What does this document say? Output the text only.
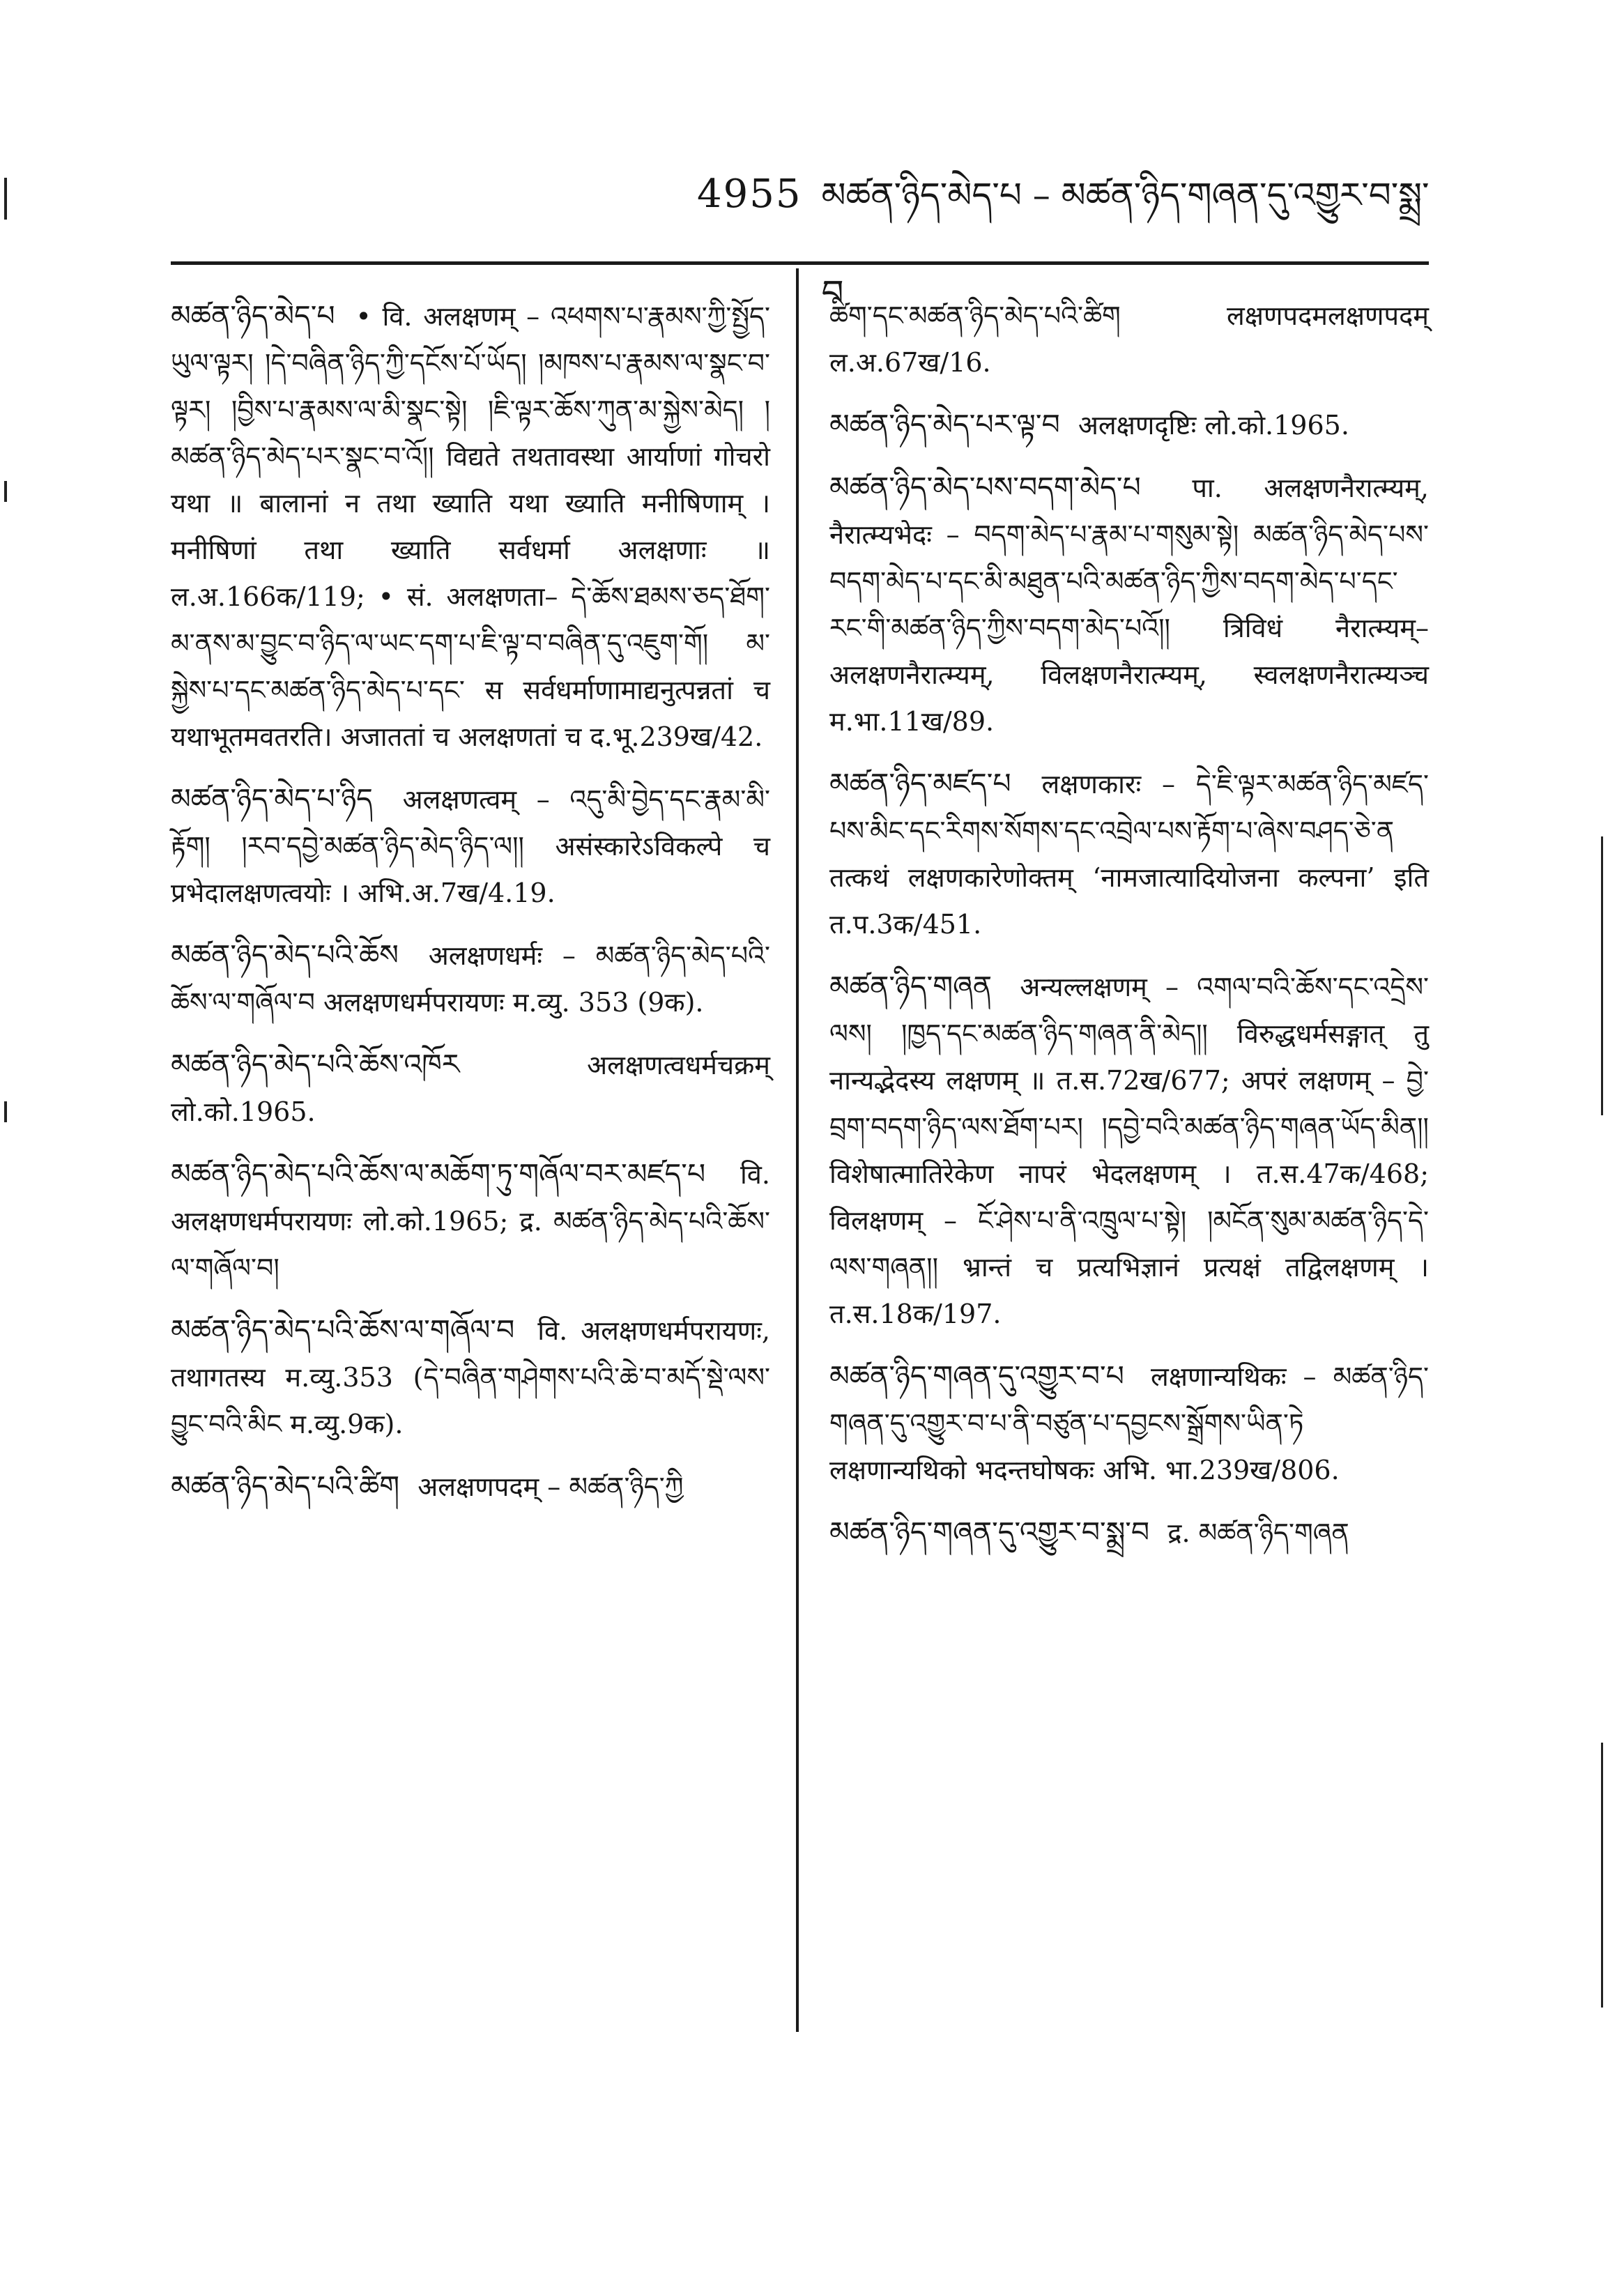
4955 མཚན་ཉིད་མེད་པ – མཚན་ཉིད་གཞན་དུ་འགྱུར་བ་སྨྲ་བ
མཚན་ཉིད་མེད་པ • वि. अलक्षणम् – འཕགས་པ་རྣམས་ཀྱི་སྤྱོད་ཡུལ་ལྟར། །དེ་བཞིན་ཉིད་ཀྱི་དངོས་པོ་ཡོད། །མཁས་པ་རྣམས་ལ་སྣང་བ་ལྟར། །བྱིས་པ་རྣམས་ལ་མི་སྣང་སྟེ། །ཇི་ལྟར་ཆོས་ཀུན་མ་སྐྱེས་མེད། །མཚན་ཉིད་མེད་པར་སྣང་བ་འོ།། विद्यते तथतावस्था आर्याणां गोचरो यथा ॥ बालानां न तथा ख्याति यथा ख्याति मनीषिणाम् । मनीषिणां तथा ख्याति सर्वधर्मा अलक्षणाः ॥ ल.अ.166क/119; • सं. अलक्षणता– དེ་ཆོས་ཐམས་ཅད་ཐོག་མ་ནས་མ་བྱུང་བ་ཉིད་ལ་ཡང་དག་པ་ཇི་ལྟ་བ་བཞིན་དུ་འཇུག་གོ། མ་སྐྱེས་པ་དང་མཚན་ཉིད་མེད་པ་དང་ स सर्वधर्माणामाद्यनुत्पन्नतां च यथाभूतमवतरति। अजाततां च अलक्षणतां च द.भू.239ख/42.
མཚན་ཉིད་མེད་པ་ཉིད अलक्षणत्वम् – འདུ་མི་བྱེད་དང་རྣམ་མི་རྟོག། །རབ་དབྱེ་མཚན་ཉིད་མེད་ཉིད་ལ།། असंस्कारेऽविकल्पे च प्रभेदालक्षणत्वयोः । अभि.अ.7ख/4.19.
མཚན་ཉིད་མེད་པའི་ཆོས अलक्षणधर्मः – མཚན་ཉིད་མེད་པའི་ཆོས་ལ་གཞོལ་བ अलक्षणधर्मपरायणः म.व्यु. 353 (9क).
མཚན་ཉིད་མེད་པའི་ཆོས་འཁོར	अलक्षणत्वधर्मचक्रम् लो.को.1965.
མཚན་ཉིད་མེད་པའི་ཆོས་ལ་མཆོག་ཏུ་གཞོལ་བར་མཛད་པ वि. अलक्षणधर्मपरायणः लो.को.1965; द्र. མཚན་ཉིད་མེད་པའི་ཆོས་ལ་གཞོལ་བ།
མཚན་ཉིད་མེད་པའི་ཆོས་ལ་གཞོལ་བ वि. अलक्षणधर्मपरायणः, तथागतस्य म.व्यु.353 (དེ་བཞིན་གཤེགས་པའི་ཆེ་བ་མདོ་སྡེ་ལས་བྱུང་བའི་མིང म.व्यु.9क).
མཚན་ཉིད་མེད་པའི་ཚིག अलक्षणपदम् – མཚན་ཉིད་ཀྱི
ཚིག་དང་མཚན་ཉིད་མེད་པའི་ཚིག लक्षणपदमलक्षणपदम् ल.अ.67ख/16.
མཚན་ཉིད་མེད་པར་ལྟ་བ अलक्षणदृष्टिः लो.को.1965.
མཚན་ཉིད་མེད་པས་བདག་མེད་པ पा. अलक्षणनैरात्म्यम्, नैरात्म्यभेदः – བདག་མེད་པ་རྣམ་པ་གསུམ་སྟེ། མཚན་ཉིད་མེད་པས་བདག་མེད་པ་དང་མི་མཐུན་པའི་མཚན་ཉིད་ཀྱིས་བདག་མེད་པ་དང་རང་གི་མཚན་ཉིད་ཀྱིས་བདག་མེད་པའོ།། त्रिविधं नैरात्म्यम्–अलक्षणनैरात्म्यम्, विलक्षणनैरात्म्यम्, स्वलक्षणनैरात्म्यञ्च म.भा.11ख/89.
མཚན་ཉིད་མཛད་པ लक्षणकारः – དེ་ཇི་ལྟར་མཚན་ཉིད་མཛད་པས་མིང་དང་རིགས་སོགས་དང་འབྲེལ་པས་རྟོག་པ་ཞེས་བཤད་ཅེ་ན तत्कथं लक्षणकारेणोक्तम् ‘नामजात्यादियोजना कल्पना’ इति त.प.3क/451.
མཚན་ཉིད་གཞན अन्यल्लक्षणम् – འགལ་བའི་ཆོས་དང་འདྲེས་ལས། །ཁྱད་དང་མཚན་ཉིད་གཞན་ནི་མེད།། विरुद्धधर्मसङ्गात् तु नान्यद्भेदस्य लक्षणम् ॥ त.स.72ख/677; अपरं लक्षणम् – བྱེ་བྲག་བདག་ཉིད་ལས་ཐོག་པར། །དབྱེ་བའི་མཚན་ཉིད་གཞན་ཡོད་མིན།། विशेषात्मातिरेकेण नापरं भेदलक्षणम् । त.स.47क/468; विलक्षणम् – ངོ་ཤེས་པ་ནི་འཁྲུལ་པ་སྟེ། །མངོན་སུམ་མཚན་ཉིད་དེ་ལས་གཞན།། भ्रान्तं च प्रत्यभिज्ञानं प्रत्यक्षं तद्विलक्षणम् । त.स.18क/197.
མཚན་ཉིད་གཞན་དུ་འགྱུར་བ་པ लक्षणान्यथिकः – མཚན་ཉིད་གཞན་དུ་འགྱུར་བ་པ་ནི་བཙུན་པ་དབྱངས་སྒྲོགས་ཡིན་ཏེ लक्षणान्यथिको भदन्तघोषकः अभि. भा.239ख/806.
མཚན་ཉིད་གཞན་དུ་འགྱུར་བ་སྨྲ་བ द्र. མཚན་ཉིད་གཞན
